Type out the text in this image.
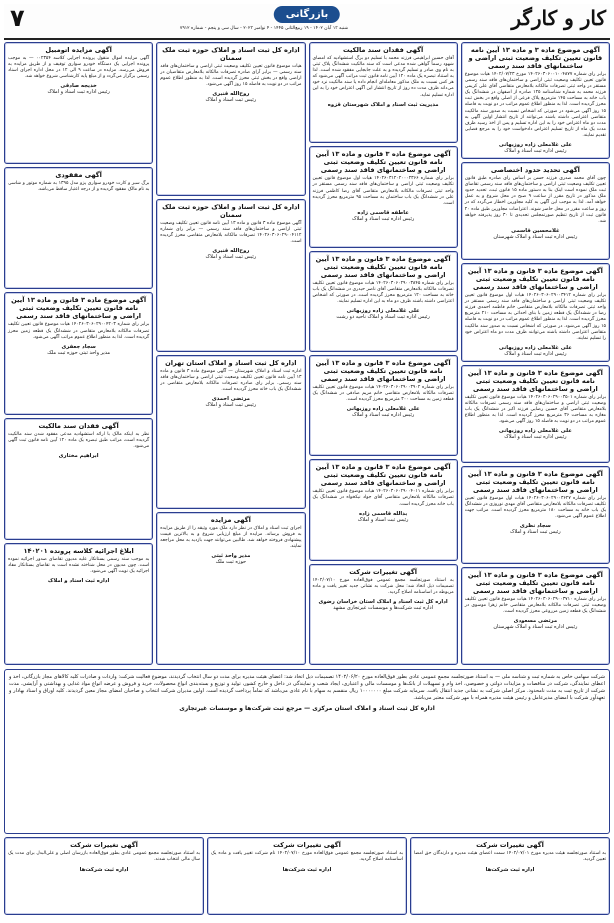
کار و کارگر
بازرگانی
۷	شنبه ۱۳ آبان ۱۴۰۲ - ۱۹ ربیع‌الثانی ۱۴۴۵ - ۴ نوامبر ۲۰۲۳ - سال سی و پنجم - شماره ۷۹۱۲
آگهی موضوع ماده ۳ و ماده ۱۳ آیین نامه قانون تعیین تکلیف وضعیت ثبتی اراضی و ساختمانهای فاقد سند رسمی
برابر رای شماره ۱۴۰۲۶۰۳۰۶۰۰۱۰۰۴۸۷۷ مورخ ۱۴۰۲/۰۷/۲۳ هیات موضوع قانون تعیین تکلیف وضعیت ثبتی اراضی و ساختمان‌های فاقد سند رسمی مستقر در واحد ثبتی تصرفات مالکانه بلامعارض متقاضی آقای علی کریمی فرزند محمد به شماره شناسنامه ۱۲۵ صادره از اصفهان در ششدانگ یک باب خانه به مساحت ۱۴۵ مترمربع پلاک فرعی از اصلی واقع در بخش ثبت محرز گردیده است. لذا به منظور اطلاع عموم مراتب در دو نوبت به فاصله ۱۵ روز آگهی می‌شود در صورتی که اشخاص نسبت به صدور سند مالکیت متقاضی اعتراضی داشته باشند می‌توانند از تاریخ انتشار اولین آگهی به مدت دو ماه اعتراض خود را به این اداره تسلیم و پس از اخذ رسید ظرف مدت یک ماه از تاریخ تسلیم اعتراض دادخواست خود را به مرجع قضایی تقدیم نمایند.
علی غلامعلی زاده روزبهانی
رئیس اداره ثبت اسناد و املاک
آگهی تحدید حدود اختصاصی
چون آقای محمد صدری فرزند حسن بر اساس رای صادره طبق قانون تعیین تکلیف وضعیت ثبتی اراضی و ساختمان‌های فاقد سند رسمی تقاضای ثبت ملک نموده است اینک بنا به دستور ماده ۱۵ قانون ثبت، تحدید حدود ملک مذکور در تاریخ مقرر از ساعت ۹ صبح در محل شروع و به عمل خواهد آمد. لذا به موجب این آگهی به کلیه مجاورین اخطار می‌گردد که در روز و ساعت مقرر در محل حاضر شوند. اعتراضات مجاورین طبق ماده ۲۰ قانون ثبت از تاریخ تنظیم صورتمجلس تحدیدی تا ۳۰ روز پذیرفته خواهد شد.
غلامحسین قاسمی
رئیس اداره ثبت اسناد و املاک شهرستان
آگهی موضوع ماده ۳ قانون و ماده ۱۳ آیین نامه قانون تعیین تکلیف وضعیت ثبتی اراضی و ساختمانهای فاقد سند رسمی
برابر رای شماره ۱۴۰۲۶۰۳۰۶۰۲۹۰۰۳۴۱۲ هیات اول موضوع قانون تعیین تکلیف وضعیت ثبتی اراضی و ساختمان‌های فاقد سند رسمی مستقر در واحد ثبتی تصرفات مالکانه بلامعارض متقاضی خانم فاطمه احمدی فرزند رضا در ششدانگ یک قطعه زمین با بنای احداثی به مساحت ۲۱۰ مترمربع محرز گردیده است. لذا به منظور اطلاع عموم مراتب در دو نوبت به فاصله ۱۵ روز آگهی می‌شود. در صورتی که اشخاص نسبت به صدور سند مالکیت متقاضی اعتراضی داشته باشند می‌توانند ظرف مدت دو ماه اعتراض خود را تسلیم نمایند.
علی غلامعلی زاده روزبهانی
رئیس اداره ثبت اسناد و املاک
آگهی موضوع ماده ۳ قانون و ماده ۱۳ آیین نامه قانون تعیین تکلیف وضعیت ثبتی اراضی و ساختمانهای فاقد سند رسمی
برابر رای شماره ۱۴۰۲۶۰۳۰۶۰۲۹۰۰۳۵۰۱ هیات موضوع قانون تعیین تکلیف وضعیت ثبتی اراضی و ساختمان‌های فاقد سند رسمی تصرفات مالکانه بلامعارض متقاضی آقای حسین رضایی فرزند اکبر در ششدانگ یک باب مغازه به مساحت ۳۶ مترمربع محرز گردیده است. لذا به منظور اطلاع عموم مراتب در دو نوبت به فاصله ۱۵ روز آگهی می‌شود.
علی غلامعلی زاده روزبهانی
رئیس اداره ثبت اسناد و املاک
آگهی موضوع ماده ۳ قانون و ماده ۱۳ آیین نامه قانون تعیین تکلیف وضعیت ثبتی اراضی و ساختمانهای فاقد سند رسمی
برابر رای شماره ۱۴۰۲۶۰۳۰۶۰۲۹۰۰۳۶۲۷ هیات اول موضوع قانون تعیین تکلیف تصرفات مالکانه بلامعارض متقاضی آقای مهدی نوروزی در ششدانگ یک باب خانه به مساحت ۱۸۰ مترمربع محرز گردیده است. مراتب جهت اطلاع عموم آگهی می‌شود.
سجاد نظری
رئیس ثبت اسناد و املاک
آگهی موضوع ماده ۳ قانون و ماده ۱۳ آیین نامه قانون تعیین تکلیف وضعیت ثبتی اراضی و ساختمانهای فاقد سند رسمی
برابر رای شماره ۱۴۰۲۶۰۳۰۶۰۲۹۰۰۳۷۱۰ هیات موضوع قانون تعیین تکلیف وضعیت ثبتی تصرفات مالکانه بلامعارض متقاضی خانم زهرا موسوی در ششدانگ یک قطعه زمین مزروعی محرز گردیده است.
مرتضی مسعودی
رئیس اداره ثبت اسناد و املاک شهرستان
آگهی فقدان سند مالکیت
آقای حسین ابراهیمی فرزند محمد با تسلیم دو برگ استشهادیه که امضای شهود رسماً گواهی شده مدعی است که سند مالکیت ششدانگ پلاک ثبتی به نام وی صادر و تسلیم گردیده و به علت جابجایی مفقود شده است. لذا به استناد تبصره یک ماده ۱۲۰ آیین نامه قانون ثبت مراتب آگهی می‌شود که هر کس نسبت به ملک مذکور معامله‌ای انجام داده یا سند مالکیت نزد خود می‌داند ظرف مدت ده روز از تاریخ انتشار این آگهی اعتراض خود را به این اداره تسلیم نماید.
مدیریت ثبت اسناد و املاک شهرستان قزوه
آگهی موضوع ماده ۳ قانون و ماده ۱۳ آیین نامه قانون تعیین تکلیف وضعیت ثبتی اراضی و ساختمانهای فاقد سند رسمی
برابر رای شماره ۱۴۰۲۶۰۳۱۲۰۲۰۰۰۲۳۶۶ هیات اول موضوع قانون تعیین تکلیف وضعیت ثبتی اراضی و ساختمان‌های فاقد سند رسمی مستقر در واحد ثبتی تصرفات مالکانه بلامعارض متقاضی آقای رضا کاظمی فرزند علی در ششدانگ یک باب ساختمان به مساحت ۹۵ مترمربع محرز گردیده است.
عاطفه قاسمی زاده
رئیس اداره ثبت اسناد و املاک
آگهی موضوع ماده ۳ قانون و ماده ۱۳ آیین نامه قانون تعیین تکلیف وضعیت ثبتی اراضی و ساختمانهای فاقد سند رسمی
برابر رای شماره ۱۴۰۲۶۰۳۰۶۰۲۹۰۰۳۸۴۵ هیات موضوع قانون تعیین تکلیف تصرفات مالکانه بلامعارض متقاضی آقای ناصر حیدری در ششدانگ یک باب خانه به مساحت ۱۲۰ مترمربع محرز گردیده است. در صورتی که اشخاص اعتراضی داشته باشند ظرف دو ماه به این اداره تسلیم نمایند.
علی غلامعلی زاده روزبهانی
رئیس اداره ثبت اسناد و املاک ناحیه دو رشت
آگهی موضوع ماده ۳ قانون و ماده ۱۳ آیین نامه قانون تعیین تکلیف وضعیت ثبتی اراضی و ساختمانهای فاقد سند رسمی
برابر رای شماره ۱۴۰۲۶۰۳۰۶۰۲۹۰۰۳۹۰۲ هیات موضوع قانون تعیین تکلیف تصرفات مالکانه بلامعارض متقاضی خانم مریم صادقی در ششدانگ یک قطعه زمین به مساحت ۳۰۰ مترمربع محرز گردیده است.
علی غلامعلی زاده روزبهانی
رئیس اداره ثبت اسناد و املاک
آگهی موضوع ماده ۳ قانون و ماده ۱۳ آیین نامه قانون تعیین تکلیف وضعیت ثبتی اراضی و ساختمانهای فاقد سند رسمی
برابر رای شماره ۱۴۰۲۶۰۳۰۶۰۲۹۰۰۴۰۱۱ هیات موضوع قانون تعیین تکلیف تصرفات مالکانه بلامعارض متقاضی آقای جواد نیکخواه در ششدانگ یک باب خانه محرز گردیده است.
بدالله قاسمی زاده
رئیس ثبت اسناد و املاک
آگهی تغییرات شرکت
به استناد صورتجلسه مجمع عمومی فوق‌العاده مورخ ۱۴۰۲/۰۷/۱۰ تصمیمات ذیل اتخاذ شد: محل شرکت به نشانی جدید تغییر یافت و ماده مربوطه در اساسنامه اصلاح گردید.
اداره کل ثبت اسناد و املاک استان خراسان رضوی
اداره ثبت شرکت‌ها و موسسات غیرتجاری مشهد
اداره کل ثبت اسناد و املاک حوزه ثبت ملک سمنان
هیات موضوع قانون تعیین تکلیف وضعیت ثبتی اراضی و ساختمان‌های فاقد سند رسمی — برابر آرای صادره تصرفات مالکانه بلامعارض متقاضیان در اراضی واقع در بخش ثبتی محرز گردیده است. لذا به منظور اطلاع عموم مراتب در دو نوبت به فاصله ۱۵ روز آگهی می‌شود.
روح‌الله قنبری
رئیس ثبت اسناد و املاک
اداره کل ثبت اسناد و املاک حوزه ثبت ملک سمنان
آگهی موضوع ماده ۳ قانون و ماده ۱۳ آیین نامه قانون تعیین تکلیف وضعیت ثبتی اراضی و ساختمان‌های فاقد سند رسمی — برابر رای شماره ۱۴۰۲۶۰۳۰۶۰۲۹۰۰۴۱۱۲ تصرفات مالکانه بلامعارض متقاضی محرز گردیده است.
روح‌الله قنبری
رئیس ثبت اسناد و املاک
اداره کل ثبت اسناد و املاک استان تهران
اداره ثبت اسناد و املاک شهرستان — آگهی موضوع ماده ۳ قانون و ماده ۱۳ آیین نامه قانون تعیین تکلیف وضعیت ثبتی اراضی و ساختمان‌های فاقد سند رسمی. برابر رای صادره تصرفات مالکانه بلامعارض متقاضی در ششدانگ یک باب خانه محرز گردیده است.
مرتضی احمدی
رئیس ثبت اسناد و املاک
آگهی مزایده
اجرای ثبت اسناد و املاک در نظر دارد ملک مورد وثیقه را از طریق مزایده به فروش برساند. مزایده از مبلغ ارزیابی شروع و به بالاترین قیمت پیشنهادی فروخته خواهد شد. طالبین می‌توانند جهت بازدید به محل مراجعه نمایند.
مدیر واحد ثبتی
حوزه ثبت ملک
آگهی مزایده اتومبیل
آگهی مزایده اموال منقول پرونده اجرایی کلاسه ۰۰۲۳۵۴ — به موجب پرونده اجرایی یک دستگاه خودرو سواری توقیف و از طریق مزایده به فروش می‌رسد. مزایده در ساعت ۹ الی ۱۲ در محل اداره اجرای اسناد رسمی برگزار می‌گردد و از مبلغ پایه کارشناسی شروع خواهد شد.
خدیجه صادقی
رئیس اداره ثبت اسناد و املاک
آگهی مفقودی
برگ سبز و کارت خودرو سواری پژو مدل ۱۳۹۵ به شماره موتور و شاسی به نام مالک مفقود گردیده و از درجه اعتبار ساقط می‌باشد.
آگهی موضوع ماده ۳ قانون و ماده ۱۳ آیین نامه قانون تعیین تکلیف وضعیت ثبتی اراضی و ساختمانهای فاقد سند رسمی
برابر رای شماره ۱۴۰۲۶۰۳۰۶۰۲۹۰۰۴۲۰۳ هیات موضوع قانون تعیین تکلیف تصرفات مالکانه بلامعارض متقاضی در ششدانگ یک قطعه زمین محرز گردیده است. لذا به منظور اطلاع عموم مراتب آگهی می‌شود.
سجاد جعفری
مدیر واحد ثبتی حوزه ثبت ملک
آگهی فقدان سند مالکیت
نظر به اینکه مالک با ارائه استشهادیه مدعی مفقود شدن سند مالکیت گردیده است، مراتب طبق تبصره یک ماده ۱۲۰ آیین نامه قانون ثبت آگهی می‌شود.
ابراهیم مختاری
ابلاغ اجرائیه کلاسه پرونده ۱۴۰۲۰۱
به موجب سند رسمی بستانکار علیه مدیون تقاضای صدور اجرائیه نموده است. چون مدیون در محل شناخته نشده است به تقاضای بستانکار مفاد اجرائیه یک نوبت آگهی می‌شود.
اداره ثبت اسناد و املاک
شرکت سهامی خاص به شماره ثبت و شناسه ملی — به استناد صورتجلسه مجمع عمومی عادی بطور فوق‌العاده مورخ ۱۴۰۲/۰۶/۲۰ تصمیمات ذیل اتخاذ شد: اعضای هیئت مدیره برای مدت دو سال انتخاب گردیدند، موضوع فعالیت شرکت: واردات و صادرات کلیه کالاهای مجاز بازرگانی، اخذ و اعطای نمایندگی، شرکت در مناقصات و مزایدات دولتی و خصوصی، اخذ وام و تسهیلات از بانک‌ها و موسسات مالی و اعتباری، ایجاد شعب و نمایندگی در داخل و خارج کشور، تولید و توزیع و بسته‌بندی انواع محصولات، خرید و فروش و عرضه انواع مواد غذایی و بهداشتی و آرایشی. مدت شرکت از تاریخ ثبت به مدت نامحدود. مرکز اصلی شرکت به نشانی جدید انتقال یافت. سرمایه شرکت مبلغ ۱۰۰۰۰۰۰۰ ریال منقسم به سهام با نام عادی می‌باشد که تماماً پرداخت گردیده است. اولین مدیران شرکت انتخاب و صاحبان امضای مجاز معین گردیدند. کلیه اوراق و اسناد بهادار و تعهدآور شرکت با امضای مدیرعامل و رئیس هیئت مدیره همراه با مهر شرکت معتبر می‌باشد.
اداره کل ثبت اسناد و املاک استان مرکزی — مرجع ثبت شرکت‌ها و موسسات غیرتجاری
آگهی تغییرات شرکت
به استناد صورتجلسه هیئت مدیره مورخ ۱۴۰۲/۰۷/۰۱ سمت اعضای هیئت مدیره و دارندگان حق امضا تعیین گردید.
اداره ثبت شرکت‌ها
آگهی تغییرات شرکت
به استناد صورتجلسه مجمع عمومی فوق‌العاده مورخ ۱۴۰۲/۰۷/۱۰ نام شرکت تغییر یافت و ماده یک اساسنامه اصلاح گردید.
اداره ثبت شرکت‌ها
آگهی تغییرات شرکت
به استناد صورتجلسه مجمع عمومی عادی بطور فوق‌العاده بازرسان اصلی و علی‌البدل برای مدت یک سال مالی انتخاب شدند.
اداره ثبت شرکت‌ها
